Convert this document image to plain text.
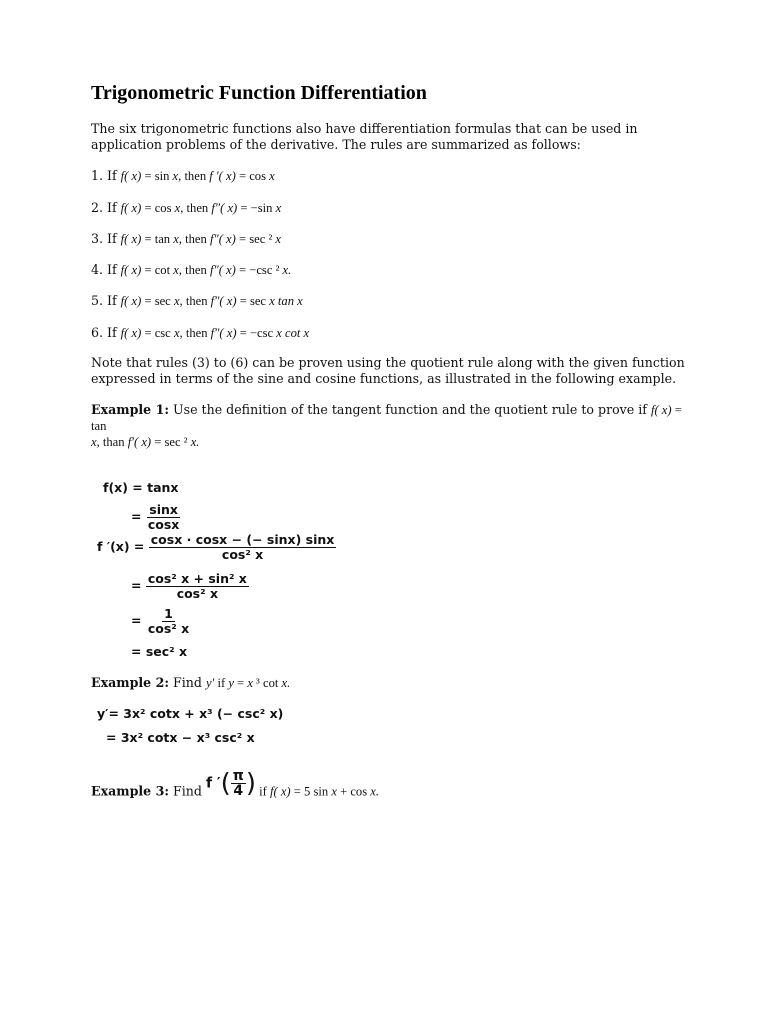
Trigonometric Function Differentiation
The six trigonometric functions also have differentiation formulas that can be used in application problems of the derivative. The rules are summarized as follows:
1. If f( x) = sin x, then f ′( x) = cos x
2. If f( x) = cos x, then f″( x) = −sin x
3. If f( x) = tan x, then f″( x) = sec ² x
4. If f( x) = cot x, then f″( x) = −csc ² x.
5. If f( x) = sec x, then f″( x) = sec x tan x
6. If f( x) = csc x, then f″( x) = −csc x cot x
Note that rules (3) to (6) can be proven using the quotient rule along with the given function expressed in terms of the sine and cosine functions, as illustrated in the following example.
Example 1: Use the definition of the tangent function and the quotient rule to prove if f( x) = tan
x, than f′( x) = sec ² x.
f(x) = tanx
= $\frac{\sin x}{\cos x}$
f $'(x) = \frac{\cos x \cdot \cos x - (- \sin x) \sin x}{\text{cos² x}}$
= $\frac{\text{cos² x + sin² x}}{\text{cos² x}}$
= $\frac{1}{\text{cos² x}}$
= sec² x
Example 2: Find y′ if y = x ³ cot x.
y′= 3x² cotx + x³ (− csc² x)
= 3x² cotx − x³ csc² x
Example 3: Find f ′( $\frac{\pi}{4}$ ) if f( x) = 5 sin x + cos x.
